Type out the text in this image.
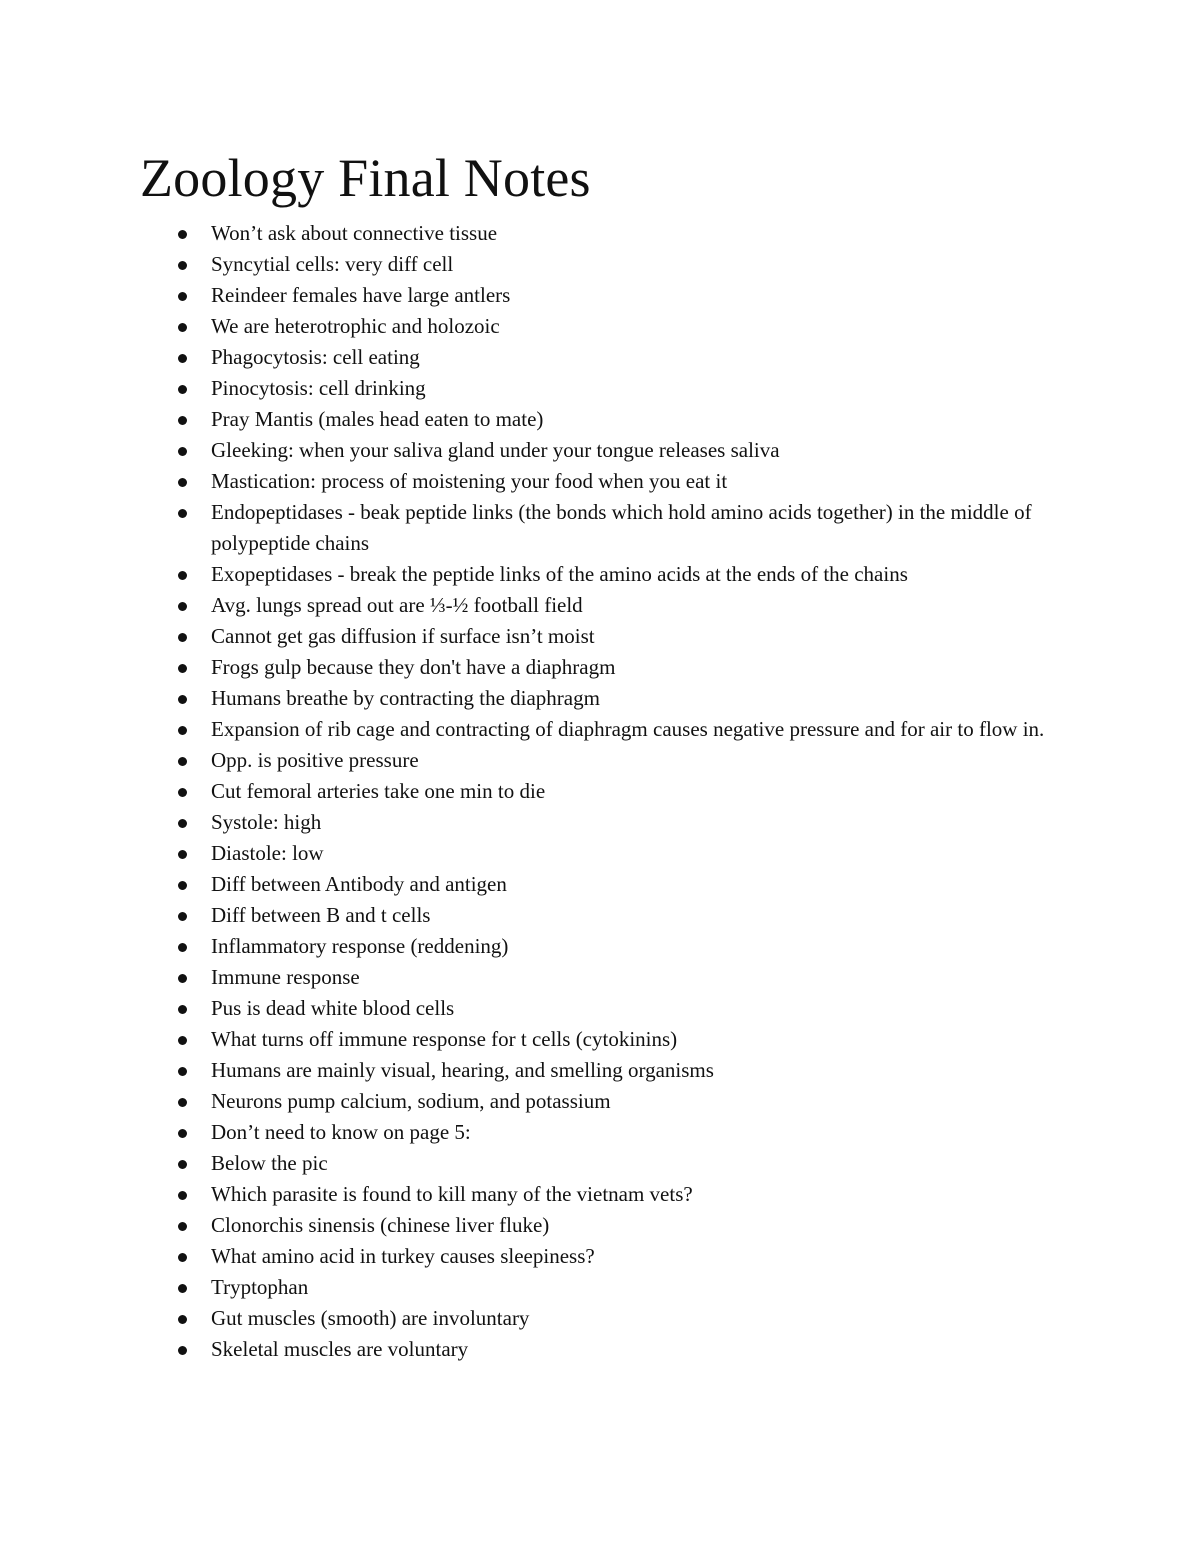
Zoology Final Notes
Won’t ask about connective tissue
Syncytial cells: very diff cell
Reindeer females have large antlers
We are heterotrophic and holozoic
Phagocytosis: cell eating
Pinocytosis: cell drinking
Pray Mantis (males head eaten to mate)
Gleeking: when your saliva gland under your tongue releases saliva
Mastication: process of moistening your food when you eat it
Endopeptidases - beak peptide links (the bonds which hold amino acids together) in the middle of polypeptide chains
Exopeptidases - break the peptide links of the amino acids at the ends of the chains
Avg. lungs spread out are ⅓-½ football field
Cannot get gas diffusion if surface isn’t moist
Frogs gulp because they don't have a diaphragm
Humans breathe by contracting the diaphragm
Expansion of rib cage and contracting of diaphragm causes negative pressure and for air to flow in.
Opp. is positive pressure
Cut femoral arteries take one min to die
Systole: high
Diastole: low
Diff between Antibody and antigen
Diff between B and t cells
Inflammatory response (reddening)
Immune response
Pus is dead white blood cells
What turns off immune response for t cells (cytokinins)
Humans are mainly visual, hearing, and smelling organisms
Neurons pump calcium, sodium, and potassium
Don’t need to know on page 5:
Below the pic
Which parasite is found to kill many of the vietnam vets?
Clonorchis sinensis (chinese liver fluke)
What amino acid in turkey causes sleepiness?
Tryptophan
Gut muscles (smooth) are involuntary
Skeletal muscles are voluntary
